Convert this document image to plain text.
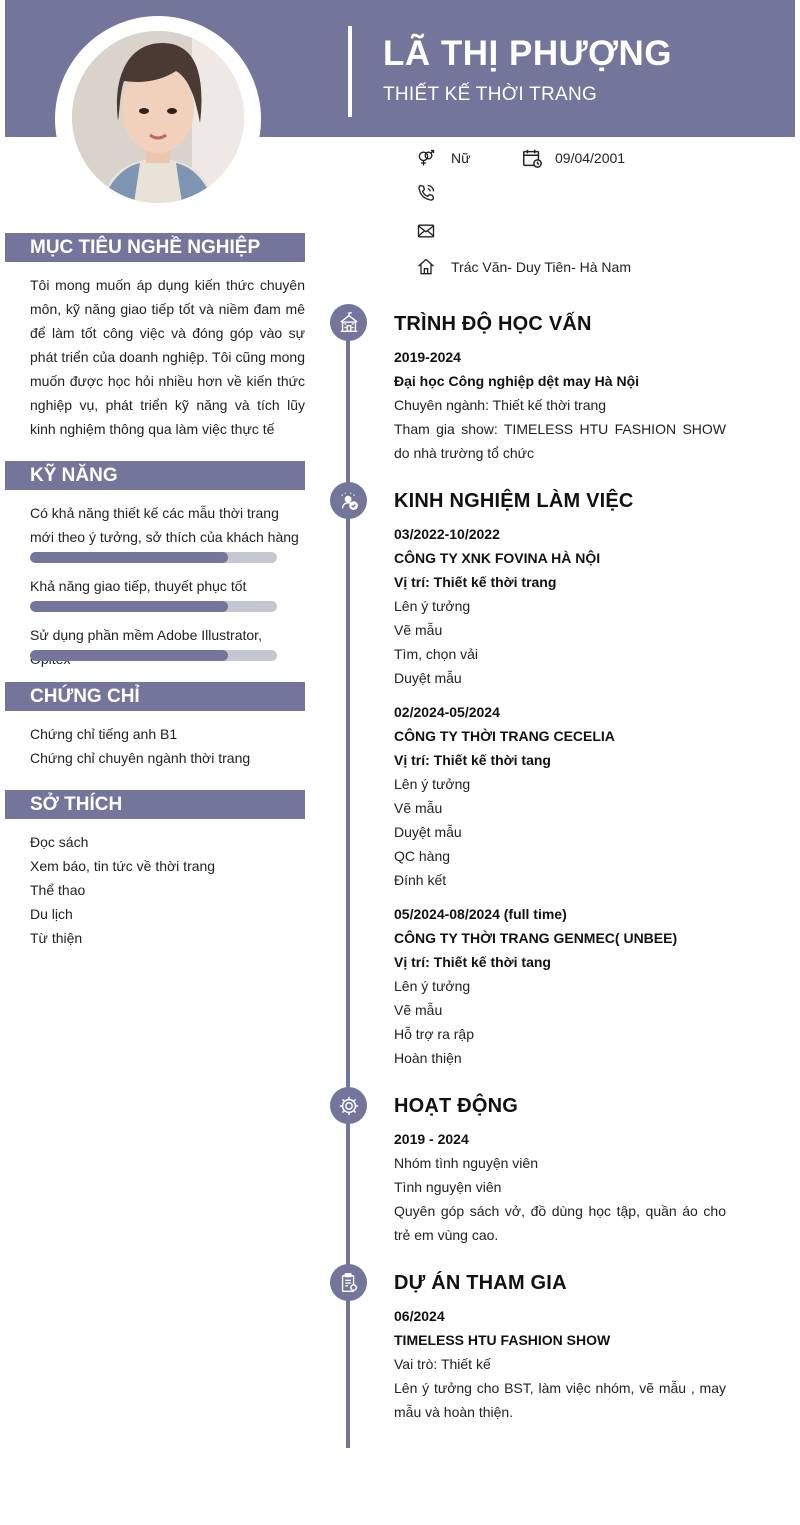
LÃ THỊ PHƯỢNG
THIẾT KẾ THỜI TRANG
Nữ	09/04/2001
Trác Văn- Duy Tiên- Hà Nam
MỤC TIÊU NGHỀ NGHIỆP
Tôi mong muốn áp dụng kiến thức chuyên môn, kỹ năng giao tiếp tốt và niềm đam mê để làm tốt công việc và đóng góp vào sự phát triển của doanh nghiệp. Tôi cũng mong muốn được học hỏi nhiều hơn về kiến thức nghiệp vụ, phát triển kỹ năng và tích lũy kinh nghiệm thông qua làm việc thực tế
KỸ NĂNG
Có khả năng thiết kế các mẫu thời trang mới theo ý tưởng, sở thích của khách hàng
Khả năng giao tiếp, thuyết phục tốt
Sử dụng phần mềm Adobe Illustrator,
CHỨNG CHỈ
Chứng chỉ tiếng anh B1
Chứng chỉ chuyên ngành thời trang
SỞ THÍCH
Đọc sách
Xem báo, tin tức về thời trang
Thể thao
Du lịch
Từ thiện
TRÌNH ĐỘ HỌC VẤN
2019-2024
Đại học Công nghiệp dệt may Hà Nội
Chuyên ngành: Thiết kế thời trang
Tham gia show: TIMELESS HTU FASHION SHOW do nhà trường tổ chức
KINH NGHIỆM LÀM VIỆC
03/2022-10/2022
CÔNG TY XNK FOVINA HÀ NỘI
Vị trí: Thiết kế thời trang
Lên ý tưởng
Vẽ mẫu
Tìm, chọn vải
Duyệt mẫu
02/2024-05/2024
CÔNG TY THỜI TRANG CECELIA
Vị trí: Thiết kế thời tang
Lên ý tưởng
Vẽ mẫu
Duyệt mẫu
QC hàng
Đính kết
05/2024-08/2024 (full time)
CÔNG TY THỜI TRANG GENMEC( UNBEE)
Vị trí: Thiết kế thời tang
Lên ý tưởng
Vẽ mẫu
Hỗ trợ ra rập
Hoàn thiện
HOẠT ĐỘNG
2019 - 2024
Nhóm tình nguyện viên
Tình nguyện viên
Quyên góp sách vở, đồ dùng học tập, quần áo cho trẻ em vùng cao.
DỰ ÁN THAM GIA
06/2024
TIMELESS HTU FASHION SHOW
Vai trò: Thiết kế
Lên ý tưởng cho BST, làm việc nhóm, vẽ mẫu , may mẫu và hoàn thiện.
